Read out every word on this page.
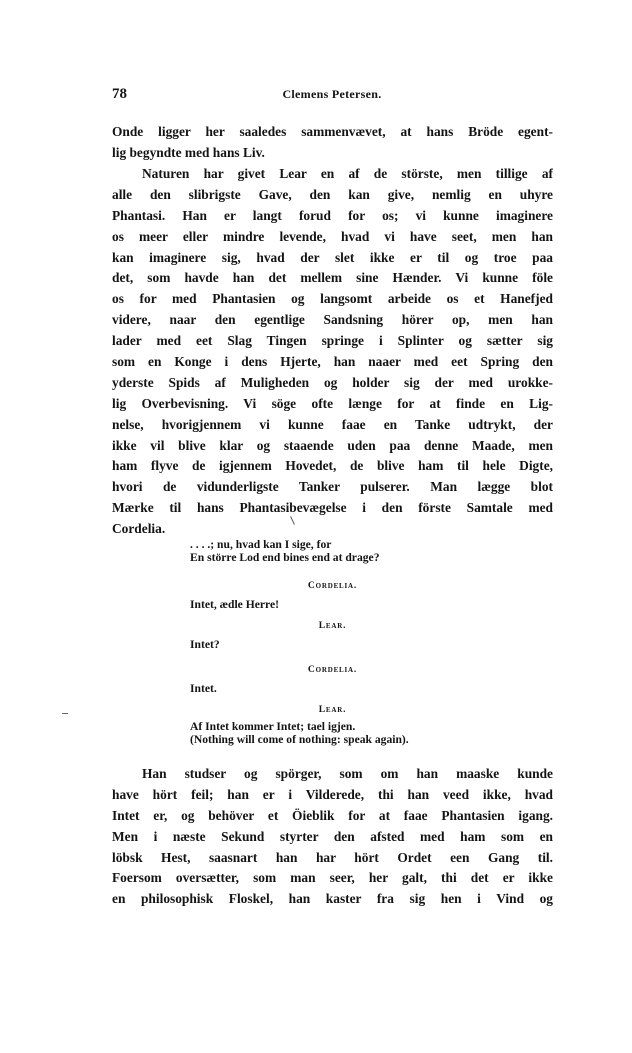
78	Clemens Petersen.
Onde ligger her saaledes sammenvævet, at hans Bröde egent-
lig begyndte med hans Liv.
Naturen har givet Lear en af de störste, men tillige af
alle den slibrigste Gave, den kan give, nemlig en uhyre
Phantasi. Han er langt forud for os; vi kunne imaginere
os meer eller mindre levende, hvad vi have seet, men han
kan imaginere sig, hvad der slet ikke er til og troe paa
det, som havde han det mellem sine Hænder. Vi kunne föle
os for med Phantasien og langsomt arbeide os et Hanefjed
videre, naar den egentlige Sandsning hörer op, men han
lader med eet Slag Tingen springe i Splinter og sætter sig
som en Konge i dens Hjerte, han naaer med eet Spring den
yderste Spids af Muligheden og holder sig der med urokke-
lig Overbevisning. Vi söge ofte længe for at finde en Lig-
nelse, hvorigjennem vi kunne faae en Tanke udtrykt, der
ikke vil blive klar og staaende uden paa denne Maade, men
ham flyve de igjennem Hovedet, de blive ham til hele Digte,
hvori de vidunderligste Tanker pulserer. Man lægge blot
Mærke til hans Phantasibevægelse i den förste Samtale med
Cordelia.
. . . .; nu, hvad kan I sige, for
En större Lod end bines end at drage?
Cordelia.
Intet, ædle Herre!
Lear.
Intet?
Cordelia.
Intet.
Lear.
Af Intet kommer Intet; tael igjen.
(Nothing will come of nothing: speak again).
Han studser og spörger, som om han maaske kunde
have hört feil; han er i Vilderede, thi han veed ikke, hvad
Intet er, og behöver et Öieblik for at faae Phantasien igang.
Men i næste Sekund styrter den afsted med ham som en
löbsk Hest, saasnart han har hört Ordet een Gang til.
Foersom oversætter, som man seer, her galt, thi det er ikke
en philosophisk Floskel, han kaster fra sig hen i Vind og
